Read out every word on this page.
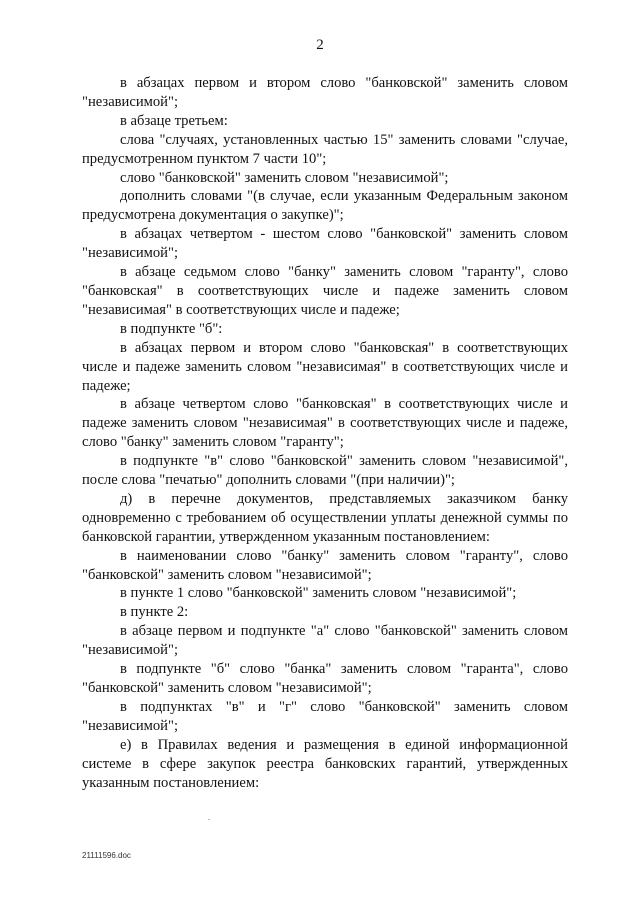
2

в абзацах первом и втором слово "банковской" заменить словом "независимой";

в абзаце третьем:

слова "случаях, установленных частью 15" заменить словами "случае, предусмотренном пунктом 7 части 10";

слово "банковской" заменить словом "независимой";

дополнить словами "(в случае, если указанным Федеральным законом предусмотрена документация о закупке)";

в абзацах четвертом - шестом слово "банковской" заменить словом "независимой";

в абзаце седьмом слово "банку" заменить словом "гаранту", слово "банковская" в соответствующих числе и падеже заменить словом "независимая" в соответствующих числе и падеже;

в подпункте "б":

в абзацах первом и втором слово "банковская" в соответствующих числе и падеже заменить словом "независимая" в соответствующих числе и падеже;

в абзаце четвертом слово "банковская" в соответствующих числе и падеже заменить словом "независимая" в соответствующих числе и падеже, слово "банку" заменить словом "гаранту";

в подпункте "в" слово "банковской" заменить словом "независимой", после слова "печатью" дополнить словами "(при наличии)";

д) в перечне документов, представляемых заказчиком банку одновременно с требованием об осуществлении уплаты денежной суммы по банковской гарантии, утвержденном указанным постановлением:

в наименовании слово "банку" заменить словом "гаранту", слово "банковской" заменить словом "независимой";

в пункте 1 слово "банковской" заменить словом "независимой";

в пункте 2:

в абзаце первом и подпункте "а" слово "банковской" заменить словом "независимой";

в подпункте "б" слово "банка" заменить словом "гаранта", слово "банковской" заменить словом "независимой";

в подпунктах "в" и "г" слово "банковской" заменить словом "независимой";

е) в Правилах ведения и размещения в единой информационной системе в сфере закупок реестра банковских гарантий, утвержденных указанным постановлением:

21111596.doc
